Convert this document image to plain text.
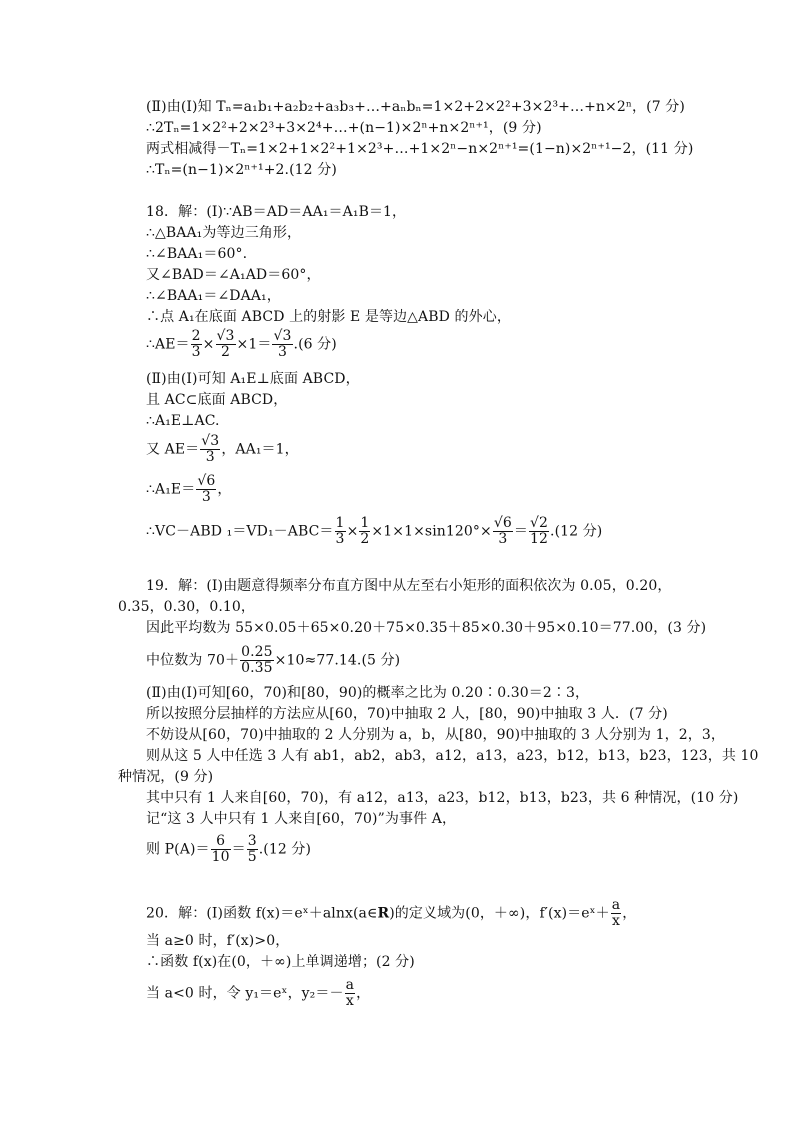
(Ⅱ)由(Ⅰ)知 Tₙ=a₁b₁+a₂b₂+a₃b₃+…+aₙbₙ=1×2+2×2²+3×2³+…+n×2ⁿ，(7 分)
∴2Tₙ=1×2²+2×2³+3×2⁴+…+(n−1)×2ⁿ+n×2ⁿ⁺¹，(9 分)
两式相减得－Tₙ=1×2+1×2²+1×2³+…+1×2ⁿ−n×2ⁿ⁺¹=(1−n)×2ⁿ⁺¹−2，(11 分)
∴Tₙ=(n−1)×2ⁿ⁺¹+2.(12 分)
18．解：(Ⅰ)∵AB＝AD＝AA₁＝A₁B＝1，
∴△BAA₁为等边三角形，
∴∠BAA₁＝60°.
又∠BAD＝∠A₁AD＝60°，
∴∠BAA₁＝∠DAA₁，
∴点 A₁在底面 ABCD 上的射影 E 是等边△ABD 的外心，
∴AE＝ $\frac{2}{3} \times \frac{√3}{2} \times 1= \frac{√3}{3} .(6$ 分)
(Ⅱ)由(Ⅰ)可知 A₁E⊥底面 ABCD，
且 AC⊂底面 ABCD，
∴A₁E⊥AC.
又 $AE= \frac{√3}{3}$ ，AA₁＝1，
∴A₁E＝ $\frac{√6}{3}$ ，
∴VC－ABD $_1=VD_1-ABC= \frac{1}{3} \times \frac{1}{2} \times 1\times 1\times\sin 120^\circ\times \frac{√6}{3} = \frac{√2}{12} .(12$ 分)
19．解：(Ⅰ)由题意得频率分布直方图中从左至右小矩形的面积依次为 0.05，0.20，
0.35，0.30，0.10，
因此平均数为 55×0.05＋65×0.20＋75×0.35＋85×0.30＋95×0.10＝77.00，(3 分)
中位数为 $70+ \frac{0.25}{0.35} \times 10\approx 77.14.(5$ 分)
(Ⅱ)由(Ⅰ)可知[60，70)和[80，90)的概率之比为 0.20∶0.30＝2∶3，
所以按照分层抽样的方法应从[60，70)中抽取 2 人，[80，90)中抽取 3 人．(7 分)
不妨设从[60，70)中抽取的 2 人分别为 a，b，从[80，90)中抽取的 3 人分别为 1，2，3，
则从这 5 人中任选 3 人有 ab1，ab2，ab3，a12，a13，a23，b12，b13，b23，123，共 10
种情况，(9 分)
其中只有 1 人来自[60，70)，有 a12，a13，a23，b12，b13，b23，共 6 种情况，(10 分)
记“这 3 人中只有 1 人来自[60，70)”为事件 A，
则 $P(A)= \frac{6}{10} = \frac{3}{5} .(12$ 分)
20．解：(Ⅰ)函数 f(x)＝eˣ＋alnx(a∈R)的定义域为(0，＋∞)，f′(x)＝eˣ＋ $\frac{a}{x}$ ，
当 a≥0 时，f′(x)>0，
∴函数 f(x)在(0，＋∞)上单调递增；(2 分)
当 a<0 时，令 y₁＝eˣ，$y_2=- \frac{a}{x}$ ，
